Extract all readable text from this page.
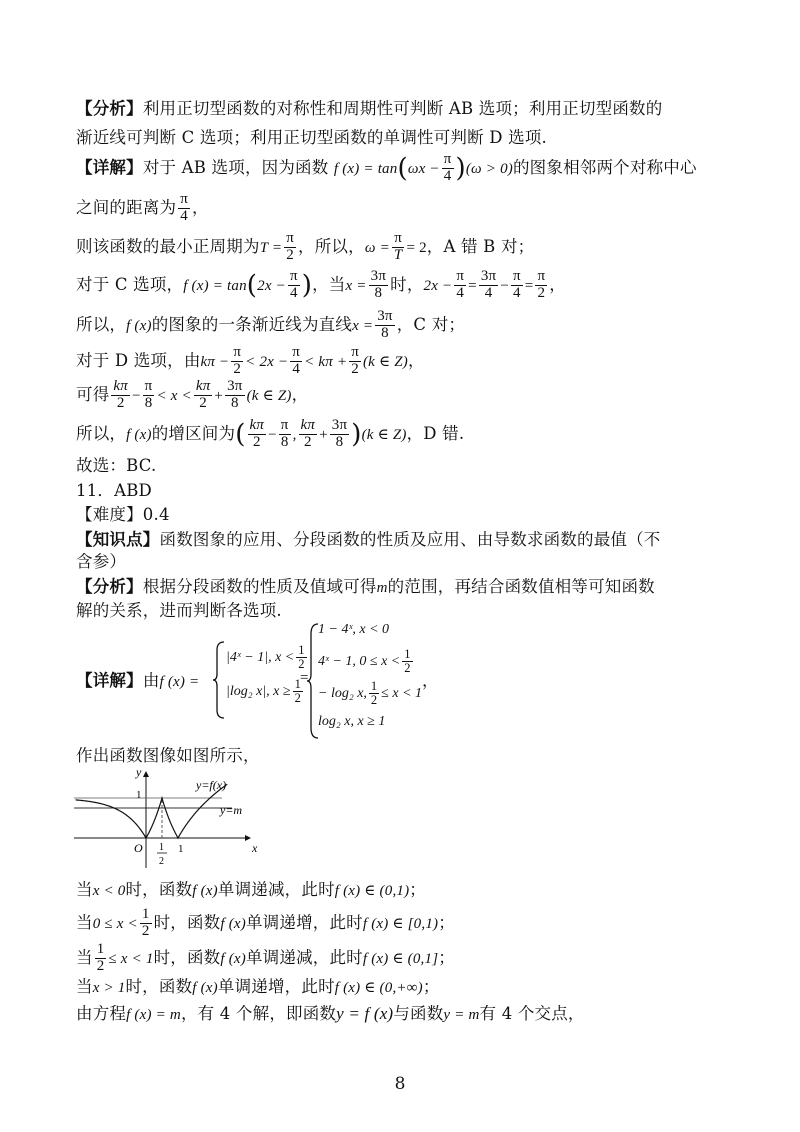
【分析】利用正切型函数的对称性和周期性可判断 AB 选项；利用正切型函数的
渐近线可判断 C 选项；利用正切型函数的单调性可判断 D 选项.
【详解】对于 AB 选项，因为函数 f $(x) = \tan(\omega x - \frac{\pi}{4} )(\omega > 0)$的图象相邻两个对称中心
之间的距离为 $\frac{\pi}{4}$ ，
则该函数的最小正周期为$T = \frac{\pi}{2}$ ，所以，$\omega = \frac{\pi}{T} = 2$，A 错 B 对；
对于 C 选项，f $(x) = \tan(2x - \frac{\pi}{4}$ )，当$x = \frac{3\pi}{8}$ 时，$2x - \frac{\pi}{4} = \frac{3\pi}{4} - \frac{\pi}{4} = \frac{\pi}{2}$ ，
所以，f (x)的图象的一条渐近线为直线$x = \frac{3\pi}{8}$ ，C 对；
对于 D 选项，由$k\pi - \frac{\pi}{2} < 2x - \frac{\pi}{4} < k\pi + \frac{\pi}{2} (k$ ∈ Z)，
可得 $\frac{k\pi}{2} - \frac{\pi}{8} < x < \frac{k\pi}{2} + \frac{3\pi}{8} (k$ ∈ Z)，
所以，f (x)的增区间为( $\frac{k\pi}{2} - \frac{\pi}{8}$ , $\frac{k\pi}{2} + \frac{3\pi}{8} )(k$ ∈ Z)，D 错.
故选：BC.
11．ABD
【难度】0.4
【知识点】函数图象的应用、分段函数的性质及应用、由导数求函数的最值（不
含参）
【分析】根据分段函数的性质及值域可得m的范围，再结合函数值相等可知函数
解的关系，进而判断各选项.
【详解】由f (x) =
|4ˣ − 1|, $x < \frac{1}{2}$
|log₂ x|, $x \ge \frac{1}{2}$
=
1 − 4ˣ, x < 0
4ˣ − 1, $0 \le x < \frac{1}{2}$
− log₂ x, $\frac{1}{2} \le x < 1$
log₂ x, x ≥ 1
，
作出函数图像如图所示，
y
x
O
1
1
2
1
y=f(x)
y=m
当x < 0时，函数f (x)单调递减，此时f (x) ∈ (0,1)；
当$0 \le x < \frac{1}{2}$ 时，函数f (x)单调递增，此时f (x) ∈ [0,1)；
当 $\frac{1}{2} \le x < 1$时，函数f (x)单调递减，此时f (x) ∈ (0,1]；
当x > 1时，函数f (x)单调递增，此时f (x) ∈ (0,+∞)；
由方程f (x) = m，有 4 个解，即函数y = f (x)与函数y = m有 4 个交点，
8
